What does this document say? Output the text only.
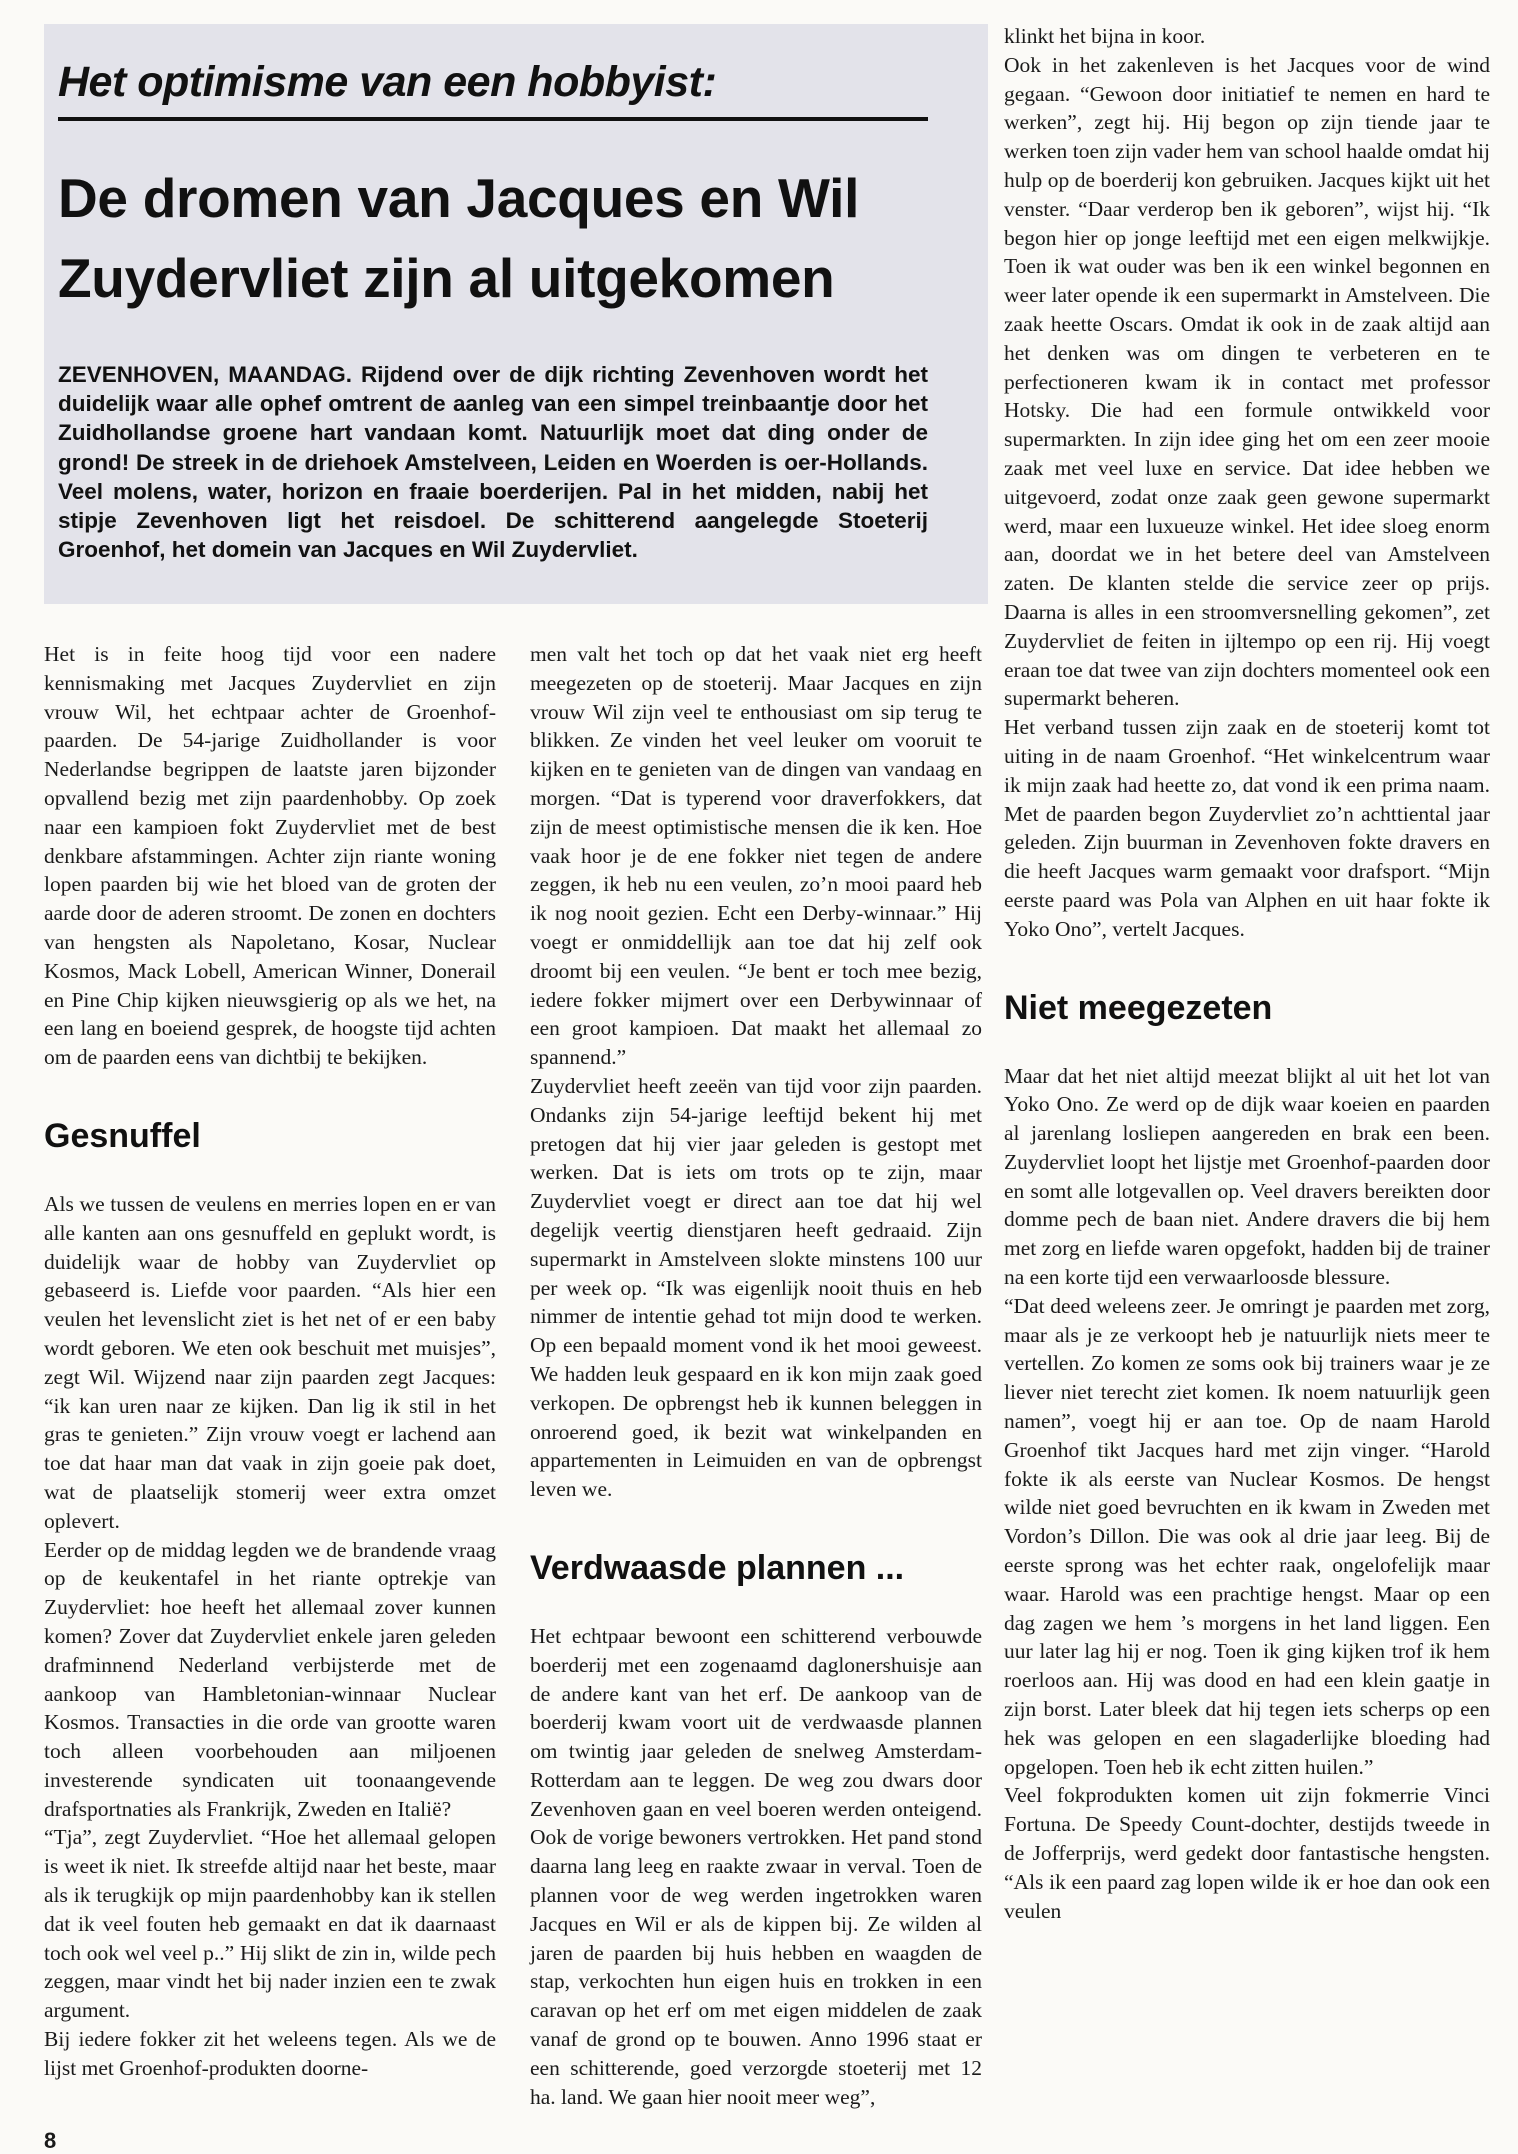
Het optimisme van een hobbyist:
De dromen van Jacques en Wil
Zuydervliet zijn al uitgekomen
ZEVENHOVEN, MAANDAG. Rijdend over de dijk richting Zevenhoven wordt het duidelijk waar alle ophef omtrent de aanleg van een simpel treinbaantje door het Zuidhollandse groene hart vandaan komt. Natuurlijk moet dat ding onder de grond! De streek in de driehoek Amstelveen, Leiden en Woerden is oer-Hollands. Veel molens, water, horizon en fraaie boerderijen. Pal in het midden, nabij het stipje Zevenhoven ligt het reisdoel. De schitterend aangelegde Stoeterij Groenhof, het domein van Jacques en Wil Zuydervliet.

Het is in feite hoog tijd voor een nadere kennismaking met Jacques Zuydervliet en zijn vrouw Wil, het echtpaar achter de Groenhof-paarden. De 54-jarige Zuidhollander is voor Nederlandse begrippen de laatste jaren bijzonder opvallend bezig met zijn paardenhobby. Op zoek naar een kampioen fokt Zuydervliet met de best denkbare afstammingen. Achter zijn riante woning lopen paarden bij wie het bloed van de groten der aarde door de aderen stroomt. De zonen en dochters van hengsten als Napoletano, Kosar, Nuclear Kosmos, Mack Lobell, American Winner, Donerail en Pine Chip kijken nieuwsgierig op als we het, na een lang en boeiend gesprek, de hoogste tijd achten om de paarden eens van dichtbij te bekijken.

Gesnuffel

Als we tussen de veulens en merries lopen en er van alle kanten aan ons gesnuffeld en geplukt wordt, is duidelijk waar de hobby van Zuydervliet op gebaseerd is. Liefde voor paarden. “Als hier een veulen het levenslicht ziet is het net of er een baby wordt geboren. We eten ook beschuit met muisjes”, zegt Wil. Wijzend naar zijn paarden zegt Jacques: “ik kan uren naar ze kijken. Dan lig ik stil in het gras te genieten.” Zijn vrouw voegt er lachend aan toe dat haar man dat vaak in zijn goeie pak doet, wat de plaatselijk stomerij weer extra omzet oplevert.

Eerder op de middag legden we de brandende vraag op de keukentafel in het riante optrekje van Zuydervliet: hoe heeft het allemaal zover kunnen komen? Zover dat Zuydervliet enkele jaren geleden drafminnend Nederland verbijsterde met de aankoop van Hambletonian-winnaar Nuclear Kosmos. Transacties in die orde van grootte waren toch alleen voorbehouden aan miljoenen investerende syndicaten uit toonaangevende drafsportnaties als Frankrijk, Zweden en Italië?

“Tja”, zegt Zuydervliet. “Hoe het allemaal gelopen is weet ik niet. Ik streefde altijd naar het beste, maar als ik terugkijk op mijn paardenhobby kan ik stellen dat ik veel fouten heb gemaakt en dat ik daarnaast toch ook wel veel p..” Hij slikt de zin in, wilde pech zeggen, maar vindt het bij nader inzien een te zwak argument.

Bij iedere fokker zit het weleens tegen. Als we de lijst met Groenhof-produkten doorne-

men valt het toch op dat het vaak niet erg heeft meegezeten op de stoeterij. Maar Jacques en zijn vrouw Wil zijn veel te enthousiast om sip terug te blikken. Ze vinden het veel leuker om vooruit te kijken en te genieten van de dingen van vandaag en morgen. “Dat is typerend voor draverfokkers, dat zijn de meest optimistische mensen die ik ken. Hoe vaak hoor je de ene fokker niet tegen de andere zeggen, ik heb nu een veulen, zo’n mooi paard heb ik nog nooit gezien. Echt een Derby-winnaar.” Hij voegt er onmiddellijk aan toe dat hij zelf ook droomt bij een veulen. “Je bent er toch mee bezig, iedere fokker mijmert over een Derbywinnaar of een groot kampioen. Dat maakt het allemaal zo spannend.”

Zuydervliet heeft zeeën van tijd voor zijn paarden. Ondanks zijn 54-jarige leeftijd bekent hij met pretogen dat hij vier jaar geleden is gestopt met werken. Dat is iets om trots op te zijn, maar Zuydervliet voegt er direct aan toe dat hij wel degelijk veertig dienstjaren heeft gedraaid. Zijn supermarkt in Amstelveen slokte minstens 100 uur per week op. “Ik was eigenlijk nooit thuis en heb nimmer de intentie gehad tot mijn dood te werken. Op een bepaald moment vond ik het mooi geweest. We hadden leuk gespaard en ik kon mijn zaak goed verkopen. De opbrengst heb ik kunnen beleggen in onroerend goed, ik bezit wat winkelpanden en appartementen in Leimuiden en van de opbrengst leven we.

Verdwaasde plannen ...

Het echtpaar bewoont een schitterend verbouwde boerderij met een zogenaamd daglonershuisje aan de andere kant van het erf. De aankoop van de boerderij kwam voort uit de verdwaasde plannen om twintig jaar geleden de snelweg Amsterdam-Rotterdam aan te leggen. De weg zou dwars door Zevenhoven gaan en veel boeren werden onteigend. Ook de vorige bewoners vertrokken. Het pand stond daarna lang leeg en raakte zwaar in verval. Toen de plannen voor de weg werden ingetrokken waren Jacques en Wil er als de kippen bij. Ze wilden al jaren de paarden bij huis hebben en waagden de stap, verkochten hun eigen huis en trokken in een caravan op het erf om met eigen middelen de zaak vanaf de grond op te bouwen. Anno 1996 staat er een schitterende, goed verzorgde stoeterij met 12 ha. land. We gaan hier nooit meer weg”,

klinkt het bijna in koor.

Ook in het zakenleven is het Jacques voor de wind gegaan. “Gewoon door initiatief te nemen en hard te werken”, zegt hij. Hij begon op zijn tiende jaar te werken toen zijn vader hem van school haalde omdat hij hulp op de boerderij kon gebruiken. Jacques kijkt uit het venster. “Daar verderop ben ik geboren”, wijst hij. “Ik begon hier op jonge leeftijd met een eigen melkwijkje. Toen ik wat ouder was ben ik een winkel begonnen en weer later opende ik een supermarkt in Amstelveen. Die zaak heette Oscars. Omdat ik ook in de zaak altijd aan het denken was om dingen te verbeteren en te perfectioneren kwam ik in contact met professor Hotsky. Die had een formule ontwikkeld voor supermarkten. In zijn idee ging het om een zeer mooie zaak met veel luxe en service. Dat idee hebben we uitgevoerd, zodat onze zaak geen gewone supermarkt werd, maar een luxueuze winkel. Het idee sloeg enorm aan, doordat we in het betere deel van Amstelveen zaten. De klanten stelde die service zeer op prijs. Daarna is alles in een stroomversnelling gekomen”, zet Zuydervliet de feiten in ijltempo op een rij. Hij voegt eraan toe dat twee van zijn dochters momenteel ook een supermarkt beheren.

Het verband tussen zijn zaak en de stoeterij komt tot uiting in de naam Groenhof. “Het winkelcentrum waar ik mijn zaak had heette zo, dat vond ik een prima naam. Met de paarden begon Zuydervliet zo’n achttiental jaar geleden. Zijn buurman in Zevenhoven fokte dravers en die heeft Jacques warm gemaakt voor drafsport. “Mijn eerste paard was Pola van Alphen en uit haar fokte ik Yoko Ono”, vertelt Jacques.

Niet meegezeten

Maar dat het niet altijd meezat blijkt al uit het lot van Yoko Ono. Ze werd op de dijk waar koeien en paarden al jarenlang losliepen aangereden en brak een been. Zuydervliet loopt het lijstje met Groenhof-paarden door en somt alle lotgevallen op. Veel dravers bereikten door domme pech de baan niet. Andere dravers die bij hem met zorg en liefde waren opgefokt, hadden bij de trainer na een korte tijd een verwaarloosde blessure.

“Dat deed weleens zeer. Je omringt je paarden met zorg, maar als je ze verkoopt heb je natuurlijk niets meer te vertellen. Zo komen ze soms ook bij trainers waar je ze liever niet terecht ziet komen. Ik noem natuurlijk geen namen”, voegt hij er aan toe. Op de naam Harold Groenhof tikt Jacques hard met zijn vinger. “Harold fokte ik als eerste van Nuclear Kosmos. De hengst wilde niet goed bevruchten en ik kwam in Zweden met Vordon’s Dillon. Die was ook al drie jaar leeg. Bij de eerste sprong was het echter raak, ongelofelijk maar waar. Harold was een prachtige hengst. Maar op een dag zagen we hem ’s morgens in het land liggen. Een uur later lag hij er nog. Toen ik ging kijken trof ik hem roerloos aan. Hij was dood en had een klein gaatje in zijn borst. Later bleek dat hij tegen iets scherps op een hek was gelopen en een slagaderlijke bloeding had opgelopen. Toen heb ik echt zitten huilen.”

Veel fokprodukten komen uit zijn fokmerrie Vinci Fortuna. De Speedy Count-dochter, destijds tweede in de Jofferprijs, werd gedekt door fantastische hengsten. “Als ik een paard zag lopen wilde ik er hoe dan ook een veulen

8
